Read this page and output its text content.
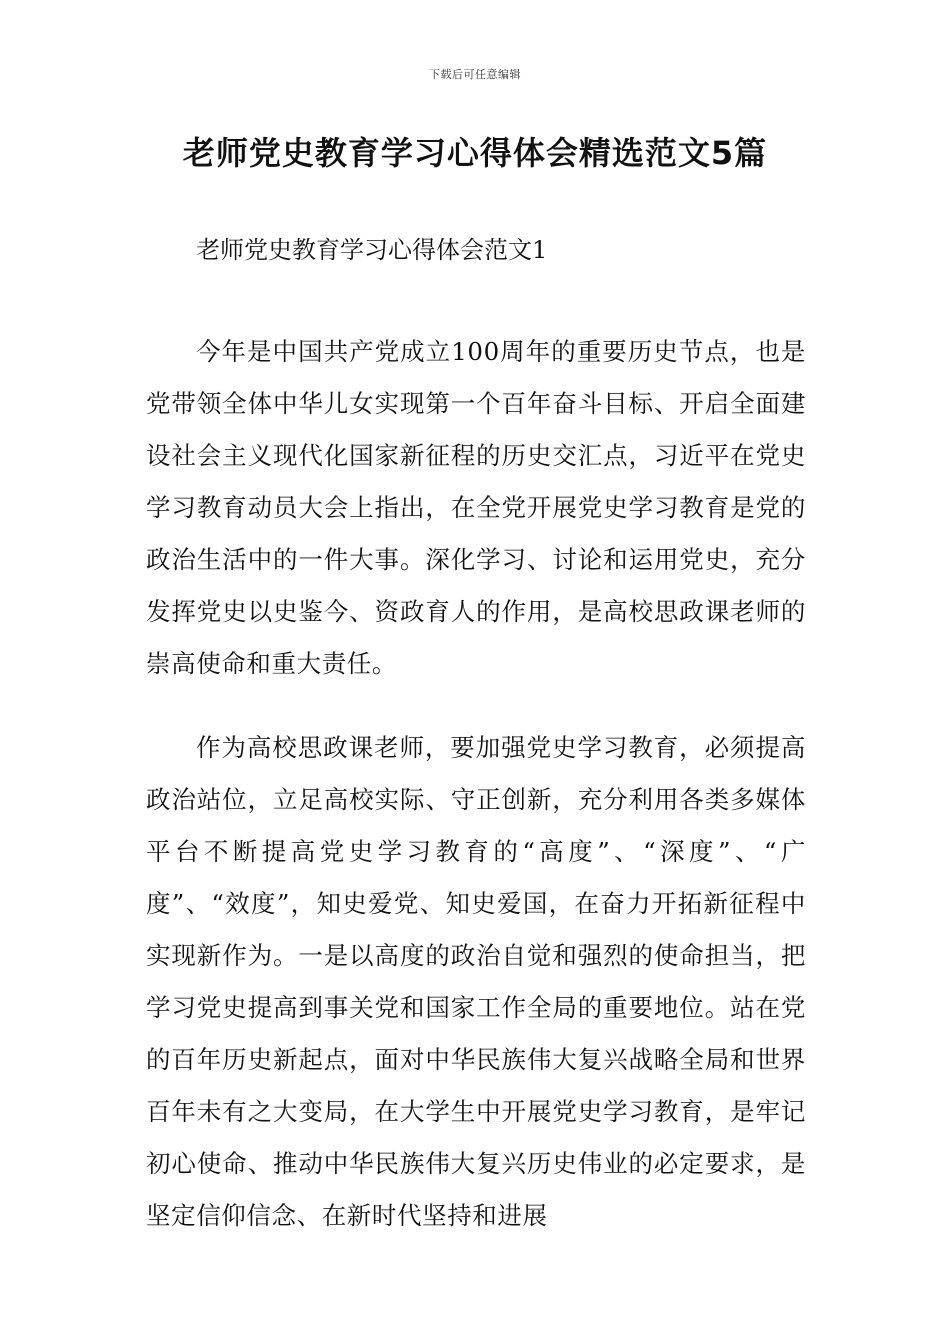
下载后可任意编辑
老师党史教育学习心得体会精选范文5篇
老师党史教育学习心得体会范文1

今年是中国共产党成立100周年的重要历史节点，也是党带领全体中华儿女实现第一个百年奋斗目标、开启全面建设社会主义现代化国家新征程的历史交汇点，习近平在党史学习教育动员大会上指出，在全党开展党史学习教育是党的政治生活中的一件大事。深化学习、讨论和运用党史，充分发挥党史以史鉴今、资政育人的作用，是高校思政课老师的崇高使命和重大责任。

作为高校思政课老师，要加强党史学习教育，必须提高政治站位，立足高校实际、守正创新，充分利用各类多媒体平台不断提高党史学习教育的“高度”、“深度”、“广度”、“效度”，知史爱党、知史爱国，在奋力开拓新征程中实现新作为。一是以高度的政治自觉和强烈的使命担当，把学习党史提高到事关党和国家工作全局的重要地位。站在党的百年历史新起点，面对中华民族伟大复兴战略全局和世界百年未有之大变局，在大学生中开展党史学习教育，是牢记初心使命、推动中华民族伟大复兴历史伟业的必定要求，是坚定信仰信念、在新时代坚持和进展
